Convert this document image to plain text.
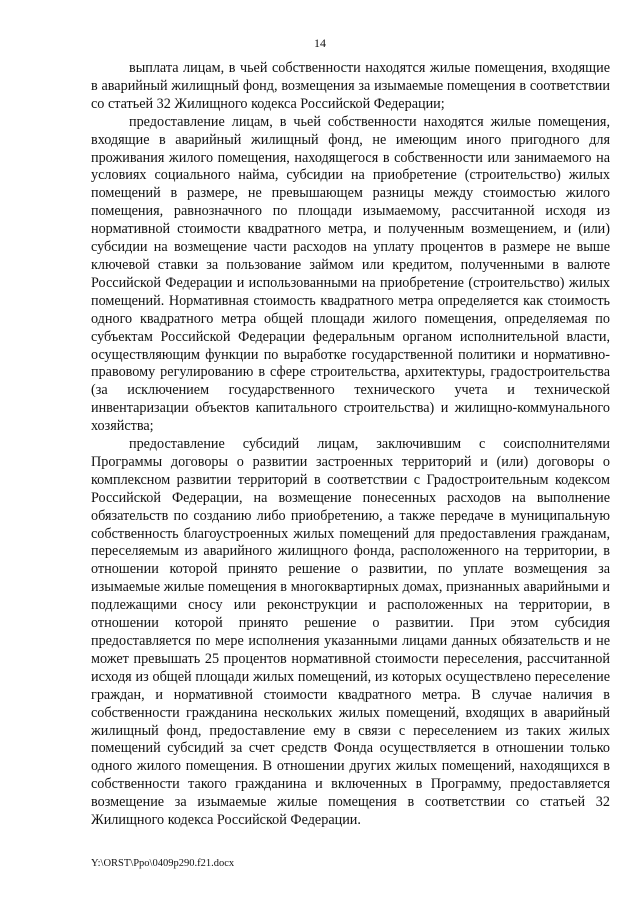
14

выплата лицам, в чьей собственности находятся жилые помещения, входящие в аварийный жилищный фонд, возмещения за изымаемые помещения в соответствии со статьей 32 Жилищного кодекса Российской Федерации;

предоставление лицам, в чьей собственности находятся жилые помещения, входящие в аварийный жилищный фонд, не имеющим иного пригодного для проживания жилого помещения, находящегося в собственности или занимаемого на условиях социального найма, субсидии на приобретение (строительство) жилых помещений в размере, не превышающем разницы между стоимостью жилого помещения, равнозначного по площади изымаемому, рассчитанной исходя из нормативной стоимости квадратного метра, и полученным возмещением, и (или) субсидии на возмещение части расходов на уплату процентов в размере не выше ключевой ставки за пользование займом или кредитом, полученными в валюте Российской Федерации и использованными на приобретение (строительство) жилых помещений. Нормативная стоимость квадратного метра определяется как стоимость одного квадратного метра общей площади жилого помещения, определяемая по субъектам Российской Федерации федеральным органом исполнительной власти, осуществляющим функции по выработке государственной политики и нормативно-правовому регулированию в сфере строительства, архитектуры, градостроительства (за исключением государственного технического учета и технической инвентаризации объектов капитального строительства) и жилищно-коммунального хозяйства;

предоставление субсидий лицам, заключившим с соисполнителями Программы договоры о развитии застроенных территорий и (или) договоры о комплексном развитии территорий в соответствии с Градостроительным кодексом Российской Федерации, на возмещение понесенных расходов на выполнение обязательств по созданию либо приобретению, а также передаче в муниципальную собственность благоустроенных жилых помещений для предоставления гражданам, переселяемым из аварийного жилищного фонда, расположенного на территории, в отношении которой принято решение о развитии, по уплате возмещения за изымаемые жилые помещения в многоквартирных домах, признанных аварийными и подлежащими сносу или реконструкции и расположенных на территории, в отношении которой принято решение о развитии. При этом субсидия предоставляется по мере исполнения указанными лицами данных обязательств и не может превышать 25 процентов нормативной стоимости переселения, рассчитанной исходя из общей площади жилых помещений, из которых осуществлено переселение граждан, и нормативной стоимости квадратного метра. В случае наличия в собственности гражданина нескольких жилых помещений, входящих в аварийный жилищный фонд, предоставление ему в связи с переселением из таких жилых помещений субсидий за счет средств Фонда осуществляется в отношении только одного жилого помещения. В отношении других жилых помещений, находящихся в собственности такого гражданина и включенных в Программу, предоставляется возмещение за изымаемые жилые помещения в соответствии со статьей 32 Жилищного кодекса Российской Федерации.

Y:\ORST\Ppo\0409p290.f21.docx
